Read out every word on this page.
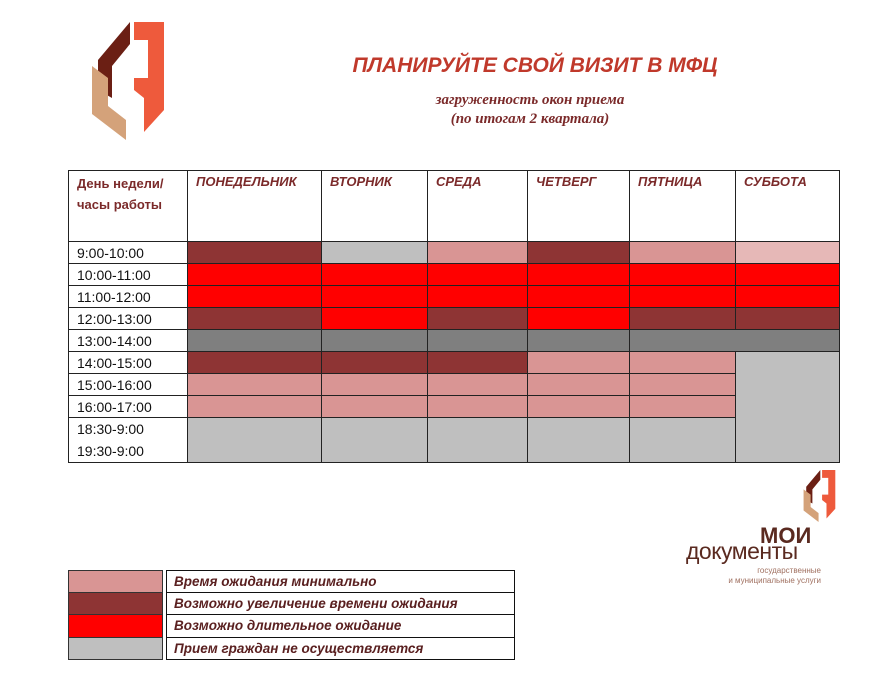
ПЛАНИРУЙТЕ СВОЙ ВИЗИТ В МФЦ
загруженность окон приема
(по итогам 2 квартала)
День недели/часы работы	ПОНЕДЕЛЬНИК	ВТОРНИК	СРЕДА	ЧЕТВЕРГ	ПЯТНИЦА	СУББОТА
9:00-10:00						
10:00-11:00						
11:00-12:00						
12:00-13:00						
13:00-14:00						
14:00-15:00						
15:00-16:00						
16:00-17:00						
18:30-9:00
19:30-9:00						
Время ожидания минимально
Возможно увеличение времени ожидания
Возможно длительное ожидание
Прием граждан не осуществляется
МОИ
документы
государственные
и муниципальные услуги
